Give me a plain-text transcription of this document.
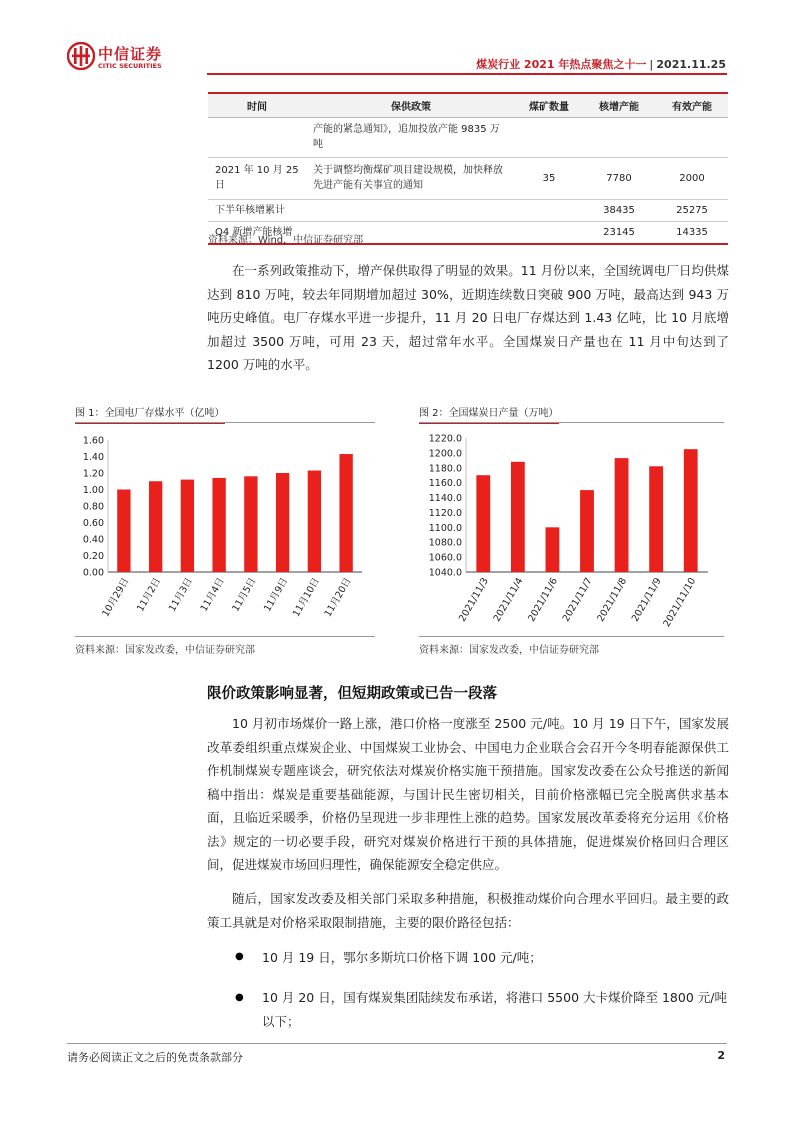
中信证券
CITIC SECURITIES	煤炭行业 2021 年热点聚焦之十一 | 2021.11.25
时间	保供政策	煤矿数量	核增产能	有效产能
	产能的紧急通知》，追加投放产能 9835 万吨			
2021 年 10 月 25 日	关于调整均衡煤矿项目建设规模，加快释放先进产能有关事宜的通知	35	7780	2000
下半年核增累计			38435	25275
Q4 新增产能核增			23145	14335
资料来源：Wind，中信证券研究部
在一系列政策推动下，增产保供取得了明显的效果。11 月份以来，全国统调电厂日均供煤达到 810 万吨，较去年同期增加超过 30%，近期连续数日突破 900 万吨，最高达到 943 万吨历史峰值。电厂存煤水平进一步提升，11 月 20 日电厂存煤达到 1.43 亿吨，比 10 月底增加超过 3500 万吨，可用 23 天，超过常年水平。全国煤炭日产量也在 11 月中旬达到了 1200 万吨的水平。
图 1：全国电厂存煤水平（亿吨）
0.00
0.20
0.40
0.60
0.80
1.00
1.20
1.40
1.60
10月29日 11月2日 11月3日 11月4日 11月5日 11月9日 11月10日 11月20日
资料来源：国家发改委，中信证券研究部
图 2：全国煤炭日产量（万吨）
1040.0
1060.0
1080.0
1100.0
1120.0
1140.0
1160.0
1180.0
1200.0
1220.0
2021/11/3 2021/11/4 2021/11/6 2021/11/7 2021/11/8 2021/11/9
2021/11/10
资料来源：国家发改委，中信证券研究部
限价政策影响显著，但短期政策或已告一段落
10 月初市场煤价一路上涨，港口价格一度涨至 2500 元/吨。10 月 19 日下午，国家发展改革委组织重点煤炭企业、中国煤炭工业协会、中国电力企业联合会召开今冬明春能源保供工作机制煤炭专题座谈会，研究依法对煤炭价格实施干预措施。国家发改委在公众号推送的新闻稿中指出：煤炭是重要基础能源，与国计民生密切相关，目前价格涨幅已完全脱离供求基本面，且临近采暖季，价格仍呈现进一步非理性上涨的趋势。国家发展改革委将充分运用《价格法》规定的一切必要手段，研究对煤炭价格进行干预的具体措施，促进煤炭价格回归合理区间，促进煤炭市场回归理性，确保能源安全稳定供应。
随后，国家发改委及相关部门采取多种措施，积极推动煤价向合理水平回归。最主要的政策工具就是对价格采取限制措施，主要的限价路径包括：
● 10 月 19 日，鄂尔多斯坑口价格下调 100 元/吨；
● 10 月 20 日，国有煤炭集团陆续发布承诺，将港口 5500 大卡煤价降至 1800 元/吨以下；
请务必阅读正文之后的免责条款部分	2
